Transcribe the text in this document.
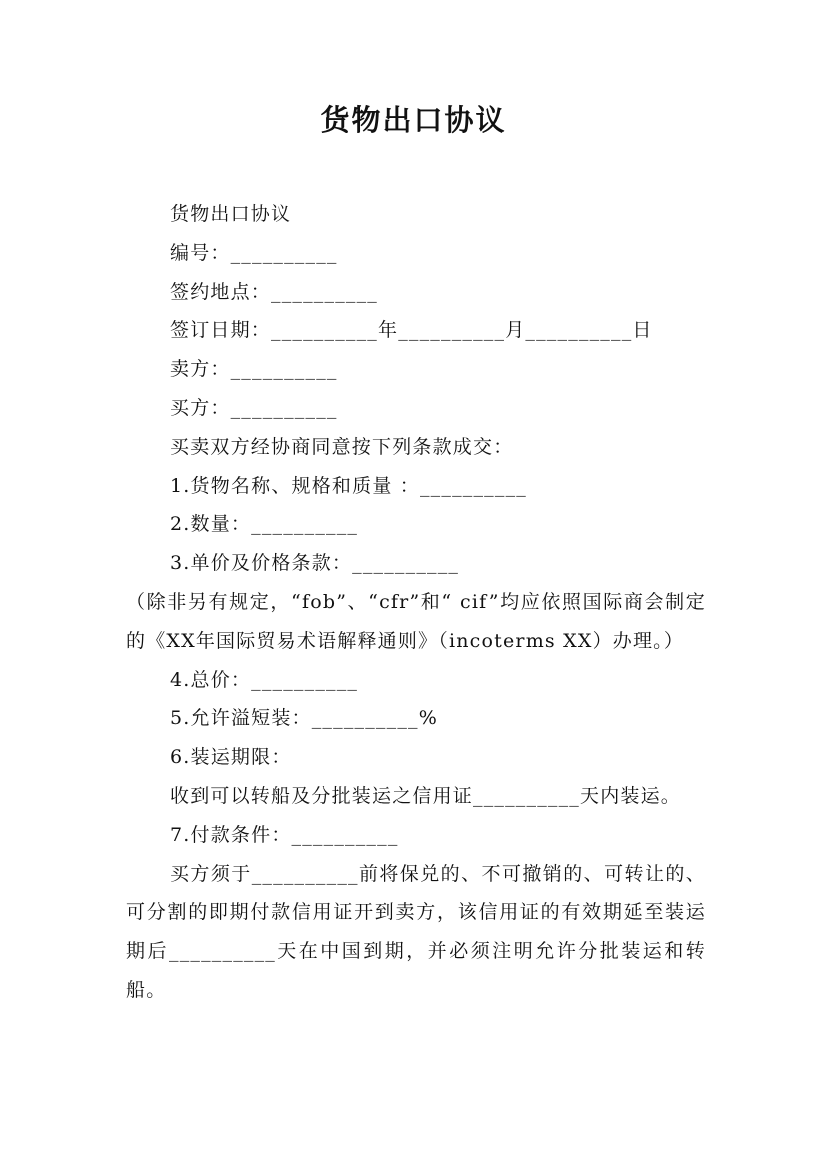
货物出口协议

货物出口协议

编号：__________

签约地点：__________

签订日期：__________年__________月__________日

卖方：__________

买方：__________

买卖双方经协商同意按下列条款成交：

1.货物名称、规格和质量 ：__________

2.数量：__________

3.单价及价格条款：__________

（除非另有规定，“fob”、“cfr”和“ cif”均应依照国际商会制定的《XX年国际贸易术语解释通则》（incoterms XX）办理。）

4.总价：__________

5.允许溢短装：__________%

6.装运期限：

收到可以转船及分批装运之信用证__________天内装运。

7.付款条件：__________

买方须于__________前将保兑的、不可撤销的、可转让的、可分割的即期付款信用证开到卖方，该信用证的有效期延至装运期后__________天在中国到期，并必须注明允许分批装运和转船。
